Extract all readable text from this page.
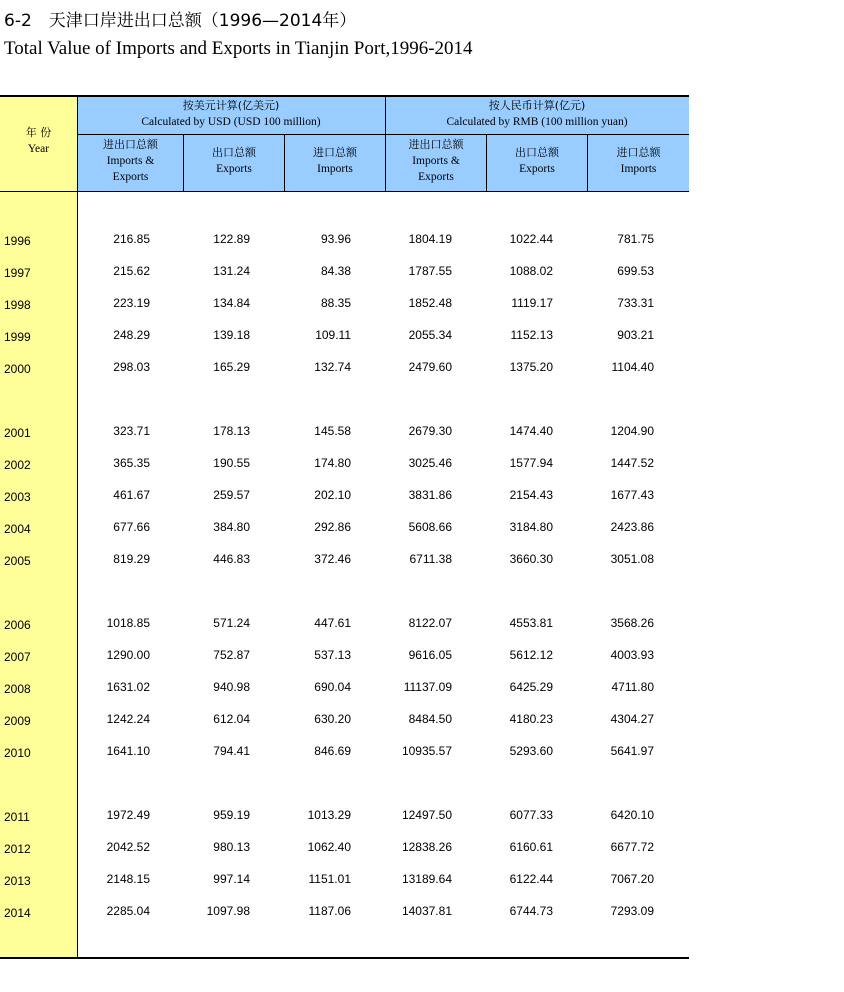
6-2　天津口岸进出口总额（1996—2014年）
Total Value of Imports and Exports in Tianjin Port,1996-2014
年 份
Year
按美元计算(亿美元)
Calculated by USD (USD 100 million)
按人民币计算(亿元)
Calculated by RMB (100 million yuan)
进出口总额
Imports &
Exports
出口总额
Exports
进口总额
Imports
进出口总额
Imports &
Exports
出口总额
Exports
进口总额
Imports
1996	216.85	122.89	93.96	1804.19	1022.44	781.75
1997	215.62	131.24	84.38	1787.55	1088.02	699.53
1998	223.19	134.84	88.35	1852.48	1119.17	733.31
1999	248.29	139.18	109.11	2055.34	1152.13	903.21
2000	298.03	165.29	132.74	2479.60	1375.20	1104.40
2001	323.71	178.13	145.58	2679.30	1474.40	1204.90
2002	365.35	190.55	174.80	3025.46	1577.94	1447.52
2003	461.67	259.57	202.10	3831.86	2154.43	1677.43
2004	677.66	384.80	292.86	5608.66	3184.80	2423.86
2005	819.29	446.83	372.46	6711.38	3660.30	3051.08
2006	1018.85	571.24	447.61	8122.07	4553.81	3568.26
2007	1290.00	752.87	537.13	9616.05	5612.12	4003.93
2008	1631.02	940.98	690.04	11137.09	6425.29	4711.80
2009	1242.24	612.04	630.20	8484.50	4180.23	4304.27
2010	1641.10	794.41	846.69	10935.57	5293.60	5641.97
2011	1972.49	959.19	1013.29	12497.50	6077.33	6420.10
2012	2042.52	980.13	1062.40	12838.26	6160.61	6677.72
2013	2148.15	997.14	1151.01	13189.64	6122.44	7067.20
2014	2285.04	1097.98	1187.06	14037.81	6744.73	7293.09
